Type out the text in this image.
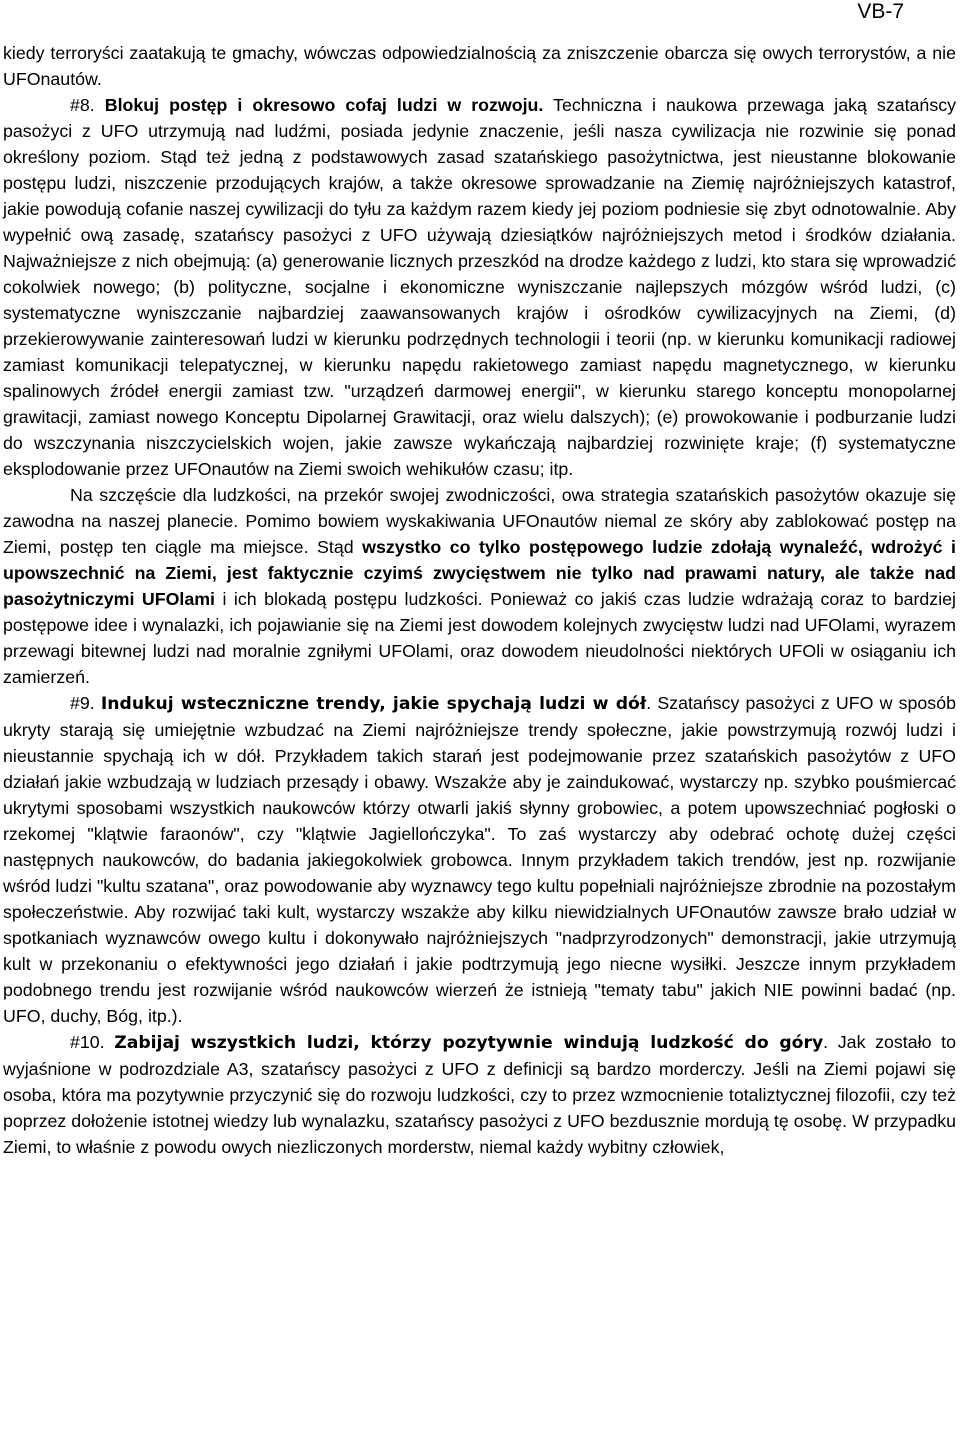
VB-7

kiedy terroryści zaatakują te gmachy, wówczas odpowiedzialnością za zniszczenie obarcza się owych terrorystów, a nie UFOnautów.

#8. Blokuj postęp i okresowo cofaj ludzi w rozwoju. Techniczna i naukowa przewaga jaką szatańscy pasożyci z UFO utrzymują nad ludźmi, posiada jedynie znaczenie, jeśli nasza cywilizacja nie rozwinie się ponad określony poziom. Stąd też jedną z podstawowych zasad szatańskiego pasożytnictwa, jest nieustanne blokowanie postępu ludzi, niszczenie przodujących krajów, a także okresowe sprowadzanie na Ziemię najróżniejszych katastrof, jakie powodują cofanie naszej cywilizacji do tyłu za każdym razem kiedy jej poziom podniesie się zbyt odnotowalnie. Aby wypełnić ową zasadę, szatańscy pasożyci z UFO używają dziesiątków najróżniejszych metod i środków działania. Najważniejsze z nich obejmują: (a) generowanie licznych przeszkód na drodze każdego z ludzi, kto stara się wprowadzić cokolwiek nowego; (b) polityczne, socjalne i ekonomiczne wyniszczanie najlepszych mózgów wśród ludzi, (c) systematyczne wyniszczanie najbardziej zaawansowanych krajów i ośrodków cywilizacyjnych na Ziemi, (d) przekierowywanie zainteresowań ludzi w kierunku podrzędnych technologii i teorii (np. w kierunku komunikacji radiowej zamiast komunikacji telepatycznej, w kierunku napędu rakietowego zamiast napędu magnetycznego, w kierunku spalinowych źródeł energii zamiast tzw. "urządzeń darmowej energii", w kierunku starego konceptu monopolarnej grawitacji, zamiast nowego Konceptu Dipolarnej Grawitacji, oraz wielu dalszych); (e) prowokowanie i podburzanie ludzi do wszczynania niszczycielskich wojen, jakie zawsze wykańczają najbardziej rozwinięte kraje; (f) systematyczne eksplodowanie przez UFOnautów na Ziemi swoich wehikułów czasu; itp.

Na szczęście dla ludzkości, na przekór swojej zwodniczości, owa strategia szatańskich pasożytów okazuje się zawodna na naszej planecie. Pomimo bowiem wyskakiwania UFOnautów niemal ze skóry aby zablokować postęp na Ziemi, postęp ten ciągle ma miejsce. Stąd wszystko co tylko postępowego ludzie zdołają wynaleźć, wdrożyć i upowszechnić na Ziemi, jest faktycznie czyimś zwycięstwem nie tylko nad prawami natury, ale także nad pasożytniczymi UFOlami i ich blokadą postępu ludzkości. Ponieważ co jakiś czas ludzie wdrażają coraz to bardziej postępowe idee i wynalazki, ich pojawianie się na Ziemi jest dowodem kolejnych zwycięstw ludzi nad UFOlami, wyrazem przewagi bitewnej ludzi nad moralnie zgniłymi UFOlami, oraz dowodem nieudolności niektórych UFOli w osiąganiu ich zamierzeń.

#9. Indukuj wsteczniczne trendy, jakie spychają ludzi w dół. Szatańscy pasożyci z UFO w sposób ukryty starają się umiejętnie wzbudzać na Ziemi najróżniejsze trendy społeczne, jakie powstrzymują rozwój ludzi i nieustannie spychają ich w dół. Przykładem takich starań jest podejmowanie przez szatańskich pasożytów z UFO działań jakie wzbudzają w ludziach przesądy i obawy. Wszakże aby je zaindukować, wystarczy np. szybko pouśmiercać ukrytymi sposobami wszystkich naukowców którzy otwarli jakiś słynny grobowiec, a potem upowszechniać pogłoski o rzekomej "klątwie faraonów", czy "klątwie Jagiellończyka". To zaś wystarczy aby odebrać ochotę dużej części następnych naukowców, do badania jakiegokolwiek grobowca. Innym przykładem takich trendów, jest np. rozwijanie wśród ludzi "kultu szatana", oraz powodowanie aby wyznawcy tego kultu popełniali najróżniejsze zbrodnie na pozostałym społeczeństwie. Aby rozwijać taki kult, wystarczy wszakże aby kilku niewidzialnych UFOnautów zawsze brało udział w spotkaniach wyznawców owego kultu i dokonywało najróżniejszych "nadprzyrodzonych" demonstracji, jakie utrzymują kult w przekonaniu o efektywności jego działań i jakie podtrzymują jego niecne wysiłki. Jeszcze innym przykładem podobnego trendu jest rozwijanie wśród naukowców wierzeń że istnieją "tematy tabu" jakich NIE powinni badać (np. UFO, duchy, Bóg, itp.).

#10. Zabijaj wszystkich ludzi, którzy pozytywnie windują ludzkość do góry. Jak zostało to wyjaśnione w podrozdziale A3, szatańscy pasożyci z UFO z definicji są bardzo morderczy. Jeśli na Ziemi pojawi się osoba, która ma pozytywnie przyczynić się do rozwoju ludzkości, czy to przez wzmocnienie totaliztycznej filozofii, czy też poprzez dołożenie istotnej wiedzy lub wynalazku, szatańscy pasożyci z UFO bezdusznie mordują tę osobę. W przypadku Ziemi, to właśnie z powodu owych niezliczonych morderstw, niemal każdy wybitny człowiek,
